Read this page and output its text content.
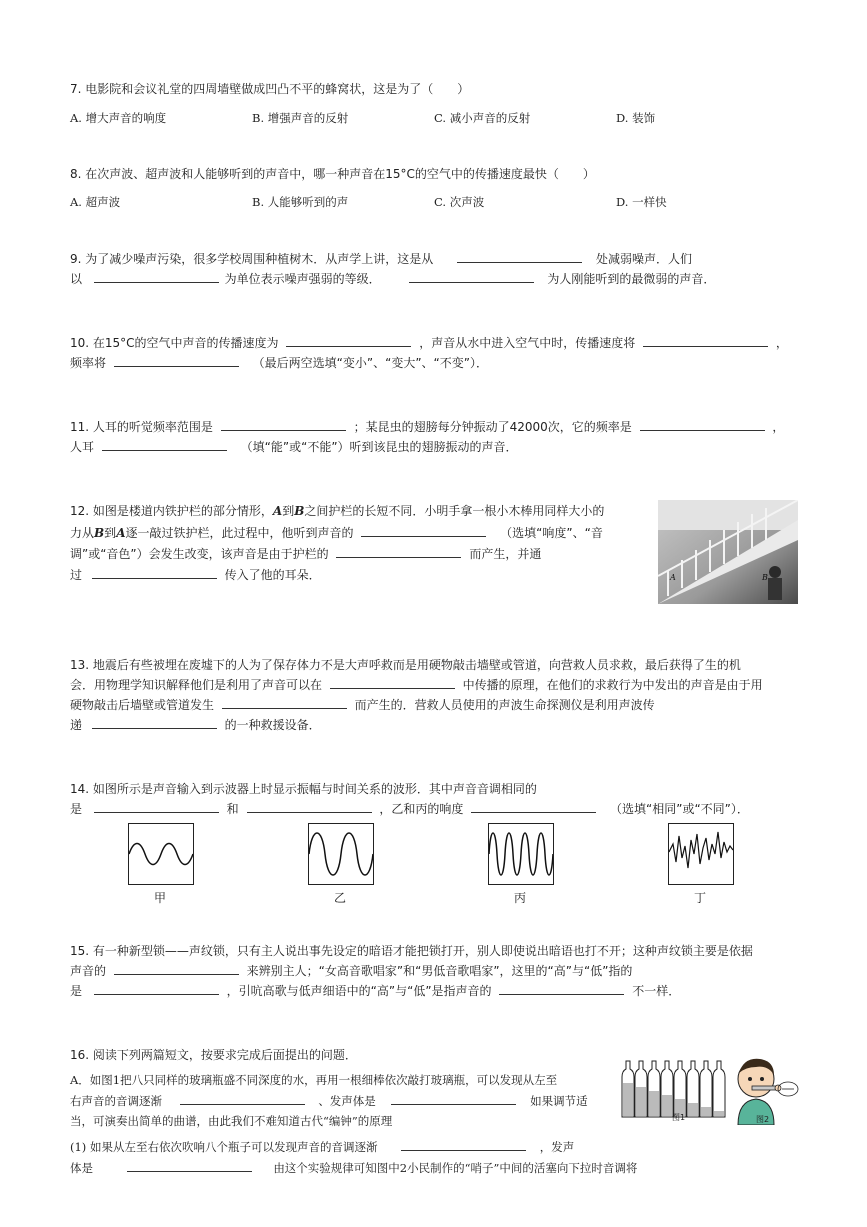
7. 电影院和会议礼堂的四周墙壁做成凹凸不平的蜂窝状，这是为了（　　）
A. 增大声音的响度	B. 增强声音的反射	C. 减小声音的反射	D. 装饰
8. 在次声波、超声波和人能够听到的声音中，哪一种声音在15°C的空气中的传播速度最快（　　）
A. 超声波	B. 人能够听到的声	C. 次声波	D. 一样快
9. 为了减少噪声污染，很多学校周围种植树木．从声学上讲，这是从	处减弱噪声．人们
以	为单位表示噪声强弱的等级．	为人刚能听到的最微弱的声音．
10. 在15°C的空气中声音的传播速度为	，声音从水中进入空气中时，传播速度将	，
频率将	（最后两空选填“变小”、“变大”、“不变”）．
11. 人耳的听觉频率范围是	；某昆虫的翅膀每分钟振动了42000次，它的频率是	，
人耳	（填“能”或“不能”）听到该昆虫的翅膀振动的声音．
12. 如图是楼道内铁护栏的部分情形，A到B之间护栏的长短不同．小明手拿一根小木棒用同样大小的
力从B到A逐一敲过铁护栏，此过程中，他听到声音的	（选填“响度”、“音
调”或“音色”）会发生改变，该声音是由于护栏的	而产生，并通
过	传入了他的耳朵．	B
A
13. 地震后有些被埋在废墟下的人为了保存体力不是大声呼救而是用硬物敲击墙壁或管道，向营救人员求救，最后获得了生的机
会．用物理学知识解释他们是利用了声音可以在	中传播的原理，在他们的求救行为中发出的声音是由于用
硬物敲击后墙壁或管道发生	而产生的．营救人员使用的声波生命探测仪是利用声波传
递	的一种救援设备．
14. 如图所示是声音输入到示波器上时显示振幅与时间关系的波形．其中声音音调相同的
是	和	，乙和丙的响度	（选填“相同”或“不同”）．
甲	乙	丙	丁
15. 有一种新型锁——声纹锁，只有主人说出事先设定的暗语才能把锁打开，别人即使说出暗语也打不开；这种声纹锁主要是依据
声音的	来辨别主人；“女高音歌唱家”和“男低音歌唱家”，这里的“高”与“低”指的
是	，引吭高歌与低声细语中的“高”与“低”是指声音的	不一样．
16. 阅读下列两篇短文，按要求完成后面提出的问题．
A．如图1把八只同样的玻璃瓶盛不同深度的水，再用一根细棒依次敲打玻璃瓶，可以发现从左至
右声音的音调逐渐	、发声体是	如果调节适
当，可演奏出简单的曲谱，由此我们不难知道古代“编钟”的原理
(1) 如果从左至右依次吹响八个瓶子可以发现声音的音调逐渐	，发声
体是	由这个实验规律可知图中2小民制作的“哨子”中间的活塞向下拉时音调将
图1	图2
